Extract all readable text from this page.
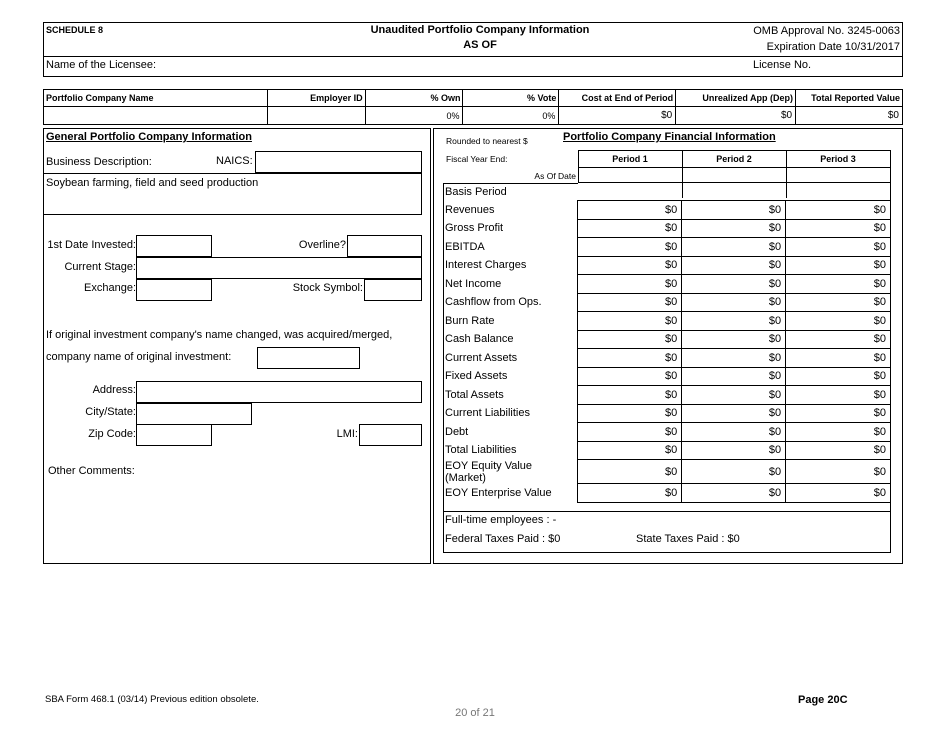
SCHEDULE 8	Unaudited Portfolio Company Information
AS OF
OMB Approval No. 3245-0063
Expiration Date 10/31/2017
Name of the Licensee:	License No.
Portfolio Company Name	Employer ID	% Own	% Vote	Cost at End of Period	Unrealized App (Dep)	Total Reported Value
		0%	0%	$0	$0	$0
General Portfolio Company Information
Business Description:	NAICS:
Soybean farming, field and seed production
1st Date Invested:	Overline?
Current Stage:
Exchange:	Stock Symbol:
If original investment company's name changed, was acquired/merged,
company name of original investment:
Address:
City/State:
Zip Code:	LMI:
Other Comments:
Rounded to nearest $	Portfolio Company Financial Information
Fiscal Year End:	Period 1	Period 2	Period 3
As Of Date
Basis Period
Revenues	$0	$0	$0
Gross Profit	$0	$0	$0
EBITDA	$0	$0	$0
Interest Charges	$0	$0	$0
Net Income	$0	$0	$0
Cashflow from Ops.	$0	$0	$0
Burn Rate	$0	$0	$0
Cash Balance	$0	$0	$0
Current Assets	$0	$0	$0
Fixed Assets	$0	$0	$0
Total Assets	$0	$0	$0
Current Liabilities	$0	$0	$0
Debt	$0	$0	$0
Total Liabilities	$0	$0	$0
EOY Equity Value (Market)	$0	$0	$0
EOY Enterprise Value	$0	$0	$0
Full-time employees : -
Federal Taxes Paid : $0	State Taxes Paid : $0
SBA Form 468.1 (03/14) Previous edition obsolete.	Page 20C
20 of 21
